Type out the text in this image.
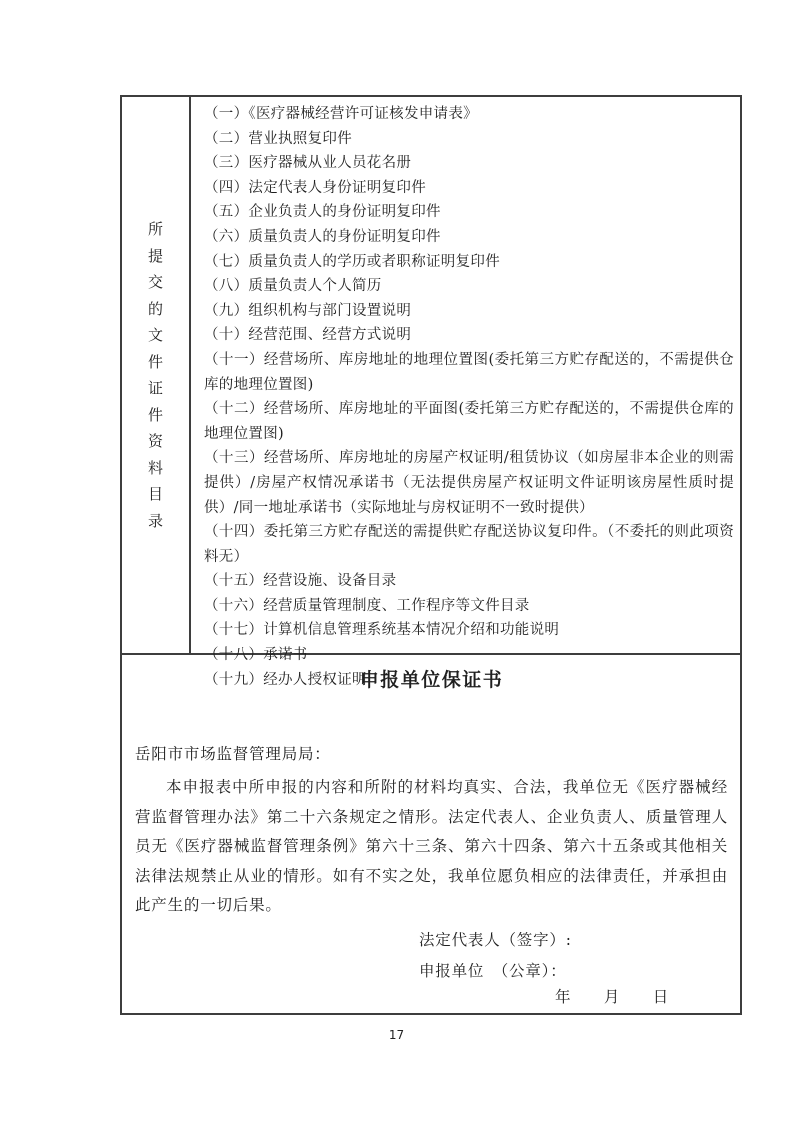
所
提
交
的
文
件
证
件
资
料
目
录
（一）《医疗器械经营许可证核发申请表》
（二）营业执照复印件
（三）医疗器械从业人员花名册
（四）法定代表人身份证明复印件
（五）企业负责人的身份证明复印件
（六）质量负责人的身份证明复印件
（七）质量负责人的学历或者职称证明复印件
（八）质量负责人个人简历
（九）组织机构与部门设置说明
（十）经营范围、经营方式说明
（十一）经营场所、库房地址的地理位置图(委托第三方贮存配送的，不需提供仓库的地理位置图)
（十二）经营场所、库房地址的平面图(委托第三方贮存配送的，不需提供仓库的地理位置图)
（十三）经营场所、库房地址的房屋产权证明/租赁协议（如房屋非本企业的则需提供）/房屋产权情况承诺书（无法提供房屋产权证明文件证明该房屋性质时提供）/同一地址承诺书（实际地址与房权证明不一致时提供）
（十四）委托第三方贮存配送的需提供贮存配送协议复印件。（不委托的则此项资料无）
（十五）经营设施、设备目录
（十六）经营质量管理制度、工作程序等文件目录
（十七）计算机信息管理系统基本情况介绍和功能说明
（十八）承诺书
（十九）经办人授权证明
申报单位保证书

岳阳市市场监督管理局局：

本申报表中所申报的内容和所附的材料均真实、合法，我单位无《医疗器械经营监督管理办法》第二十六条规定之情形。法定代表人、企业负责人、质量管理人员无《医疗器械监督管理条例》第六十三条、第六十四条、第六十五条或其他相关法律法规禁止从业的情形。如有不实之处，我单位愿负相应的法律责任，并承担由此产生的一切后果。

法定代表人（签字）:

申报单位　（公章）：

年　　月　　日

17
